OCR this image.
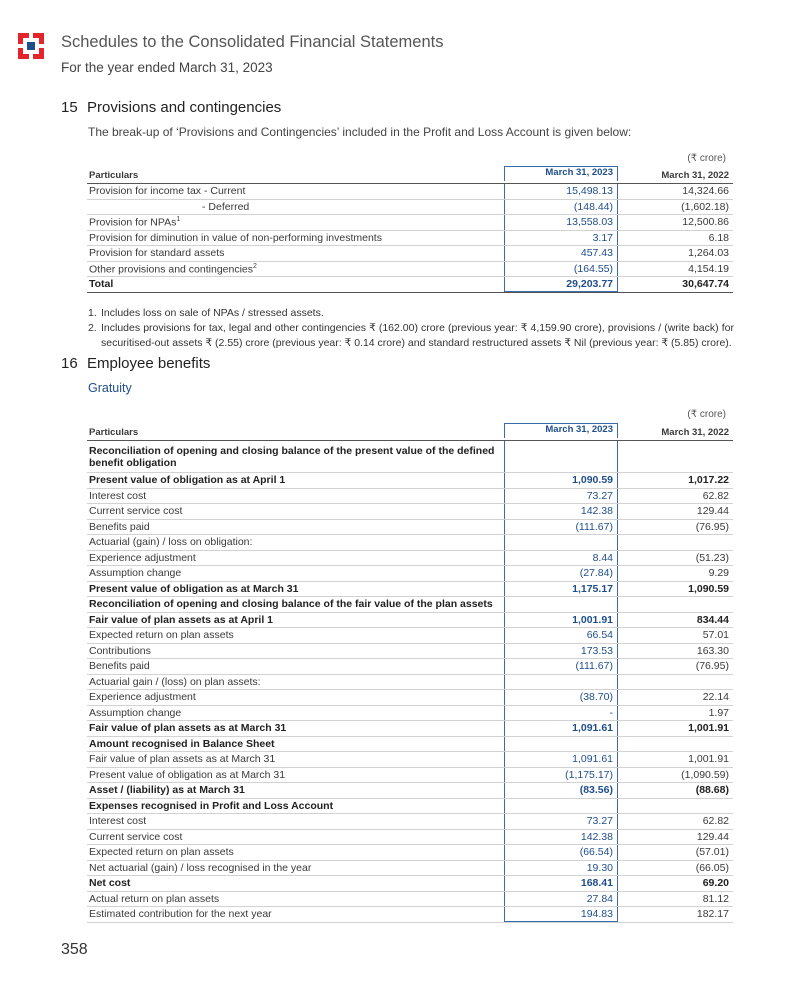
Schedules to the Consolidated Financial Statements
For the year ended March 31, 2023
15 Provisions and contingencies
The break-up of ‘Provisions and Contingencies’ included in the Profit and Loss Account is given below:
(₹ crore)
Particulars	March 31, 2023	March 31, 2022
Provision for income tax - Current	15,498.13	14,324.66
- Deferred	(148.44)	(1,602.18)
Provision for NPAs$^1$	13,558.03	12,500.86
Provision for diminution in value of non-performing investments	3.17	6.18
Provision for standard assets	457.43	1,264.03
Other provisions and contingencies$^2$	(164.55)	4,154.19
Total	29,203.77	30,647.74
1. Includes loss on sale of NPAs / stressed assets.
2. Includes provisions for tax, legal and other contingencies ₹ (162.00) crore (previous year: ₹ 4,159.90 crore), provisions / (write back) for securitised-out assets ₹ (2.55) crore (previous year: ₹ 0.14 crore) and standard restructured assets ₹ Nil (previous year: ₹ (5.85) crore).
16 Employee benefits
Gratuity
(₹ crore)
Particulars	March 31, 2023	March 31, 2022
Reconciliation of opening and closing balance of the present value of the defined benefit obligation
Present value of obligation as at April 1	1,090.59	1,017.22
Interest cost	73.27	62.82
Current service cost	142.38	129.44
Benefits paid	(111.67)	(76.95)
Actuarial (gain) / loss on obligation:
Experience adjustment	8.44	(51.23)
Assumption change	(27.84)	9.29
Present value of obligation as at March 31	1,175.17	1,090.59
Reconciliation of opening and closing balance of the fair value of the plan assets
Fair value of plan assets as at April 1	1,001.91	834.44
Expected return on plan assets	66.54	57.01
Contributions	173.53	163.30
Benefits paid	(111.67)	(76.95)
Actuarial gain / (loss) on plan assets:
Experience adjustment	(38.70)	22.14
Assumption change	-	1.97
Fair value of plan assets as at March 31	1,091.61	1,001.91
Amount recognised in Balance Sheet
Fair value of plan assets as at March 31	1,091.61	1,001.91
Present value of obligation as at March 31	(1,175.17)	(1,090.59)
Asset / (liability) as at March 31	(83.56)	(88.68)
Expenses recognised in Profit and Loss Account
Interest cost	73.27	62.82
Current service cost	142.38	129.44
Expected return on plan assets	(66.54)	(57.01)
Net actuarial (gain) / loss recognised in the year	19.30	(66.05)
Net cost	168.41	69.20
Actual return on plan assets	27.84	81.12
Estimated contribution for the next year	194.83	182.17
358
